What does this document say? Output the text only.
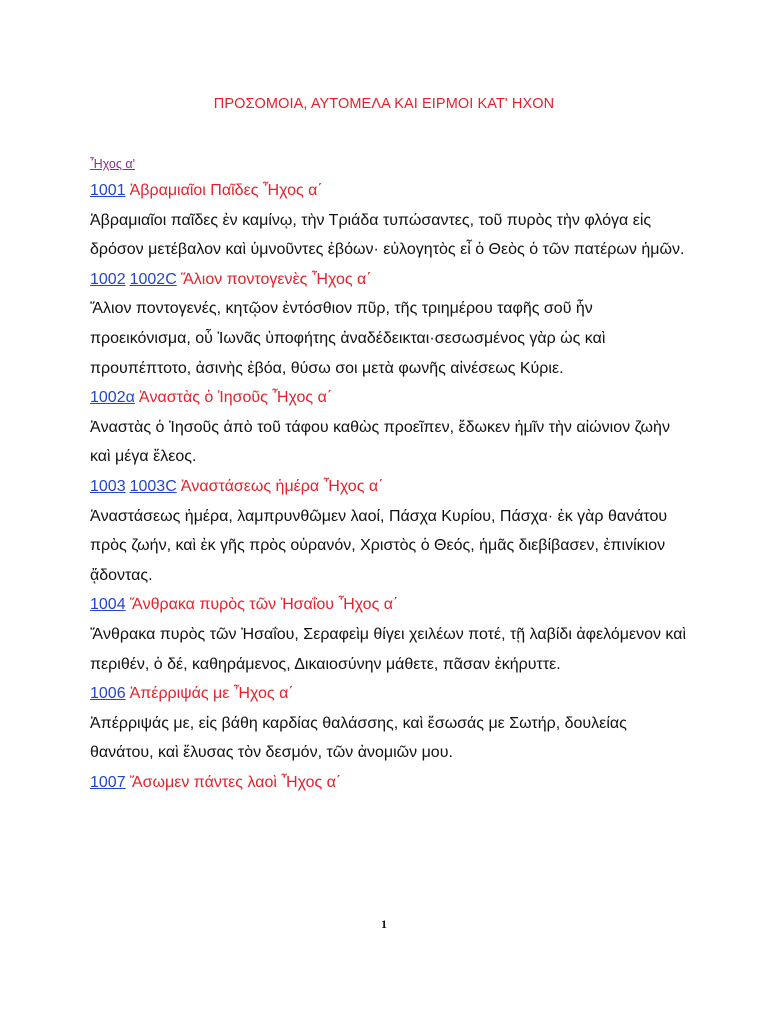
ΠΡΟΣΟΜΟΙΑ, ΑΥΤΟΜΕΛΑ ΚΑΙ ΕΙΡΜΟΙ ΚΑΤ' ΗΧΟΝ
Ἦχος α'
1001 Ἀβραμιαῖοι Παῖδες Ἦχος α΄
Ἀβραμιαῖοι παῖδες ἐν καμίνῳ, τὴν Τριάδα τυπώσαντες, τοῦ πυρὸς τὴν φλόγα εἰς δρόσον μετέβαλον καὶ ὑμνοῦντες ἐβόων· εὐλογητὸς εἶ ὁ Θεὸς ὁ τῶν πατέρων ἡμῶν.
1002 1002C Ἅλιον ποντογενὲς Ἦχος α΄
Ἅλιον ποντογενές, κητῷον ἐντόσθιον πῦρ, τῆς τριημέρου ταφῆς σοῦ ἦν προεικόνισμα, οὗ Ἰωνᾶς ὑποφήτης ἀναδέδεικται·σεσωσμένος γὰρ ὡς καὶ προυπέπτοτο, ἀσινὴς ἐβόα, θύσω σοι μετὰ φωνῆς αἰνέσεως Κύριε.
1002α Ἀναστὰς ὁ Ἰησοῦς Ἦχος α΄
Ἀναστὰς ὁ Ἰησοῦς ἀπὸ τοῦ τάφου καθὼς προεῖπεν, ἔδωκεν ἡμῖν τὴν αἰώνιον ζωὴν καὶ μέγα ἔλεος.
1003 1003C Ἀναστάσεως ἡμέρα Ἦχος α΄
Ἀναστάσεως ἡμέρα, λαμπρυνθῶμεν λαοί, Πάσχα Κυρίου, Πάσχα· ἐκ γὰρ θανάτου πρὸς ζωήν, καὶ ἐκ γῆς πρὸς οὐρανόν, Χριστὸς ὁ Θεός, ἡμᾶς διεβίβασεν, ἐπινίκιον ᾄδοντας.
1004 Ἄνθρακα πυρὸς τῶν Ἠσαΐου Ἦχος α΄
Ἄνθρακα πυρὸς τῶν Ἠσαΐου, Σεραφεὶμ θίγει χειλέων ποτέ, τῇ λαβίδι ἀφελόμενον καὶ περιθέν, ὁ δέ, καθηράμενος, Δικαιοσύνην μάθετε, πᾶσαν ἐκήρυττε.
1006 Ἀπέρριψάς με Ἦχος α΄
Ἀπέρριψάς με, εἰς βάθη καρδίας θαλάσσης, καὶ ἔσωσάς με Σωτήρ, δουλείας θανάτου, καὶ ἔλυσας τὸν δεσμόν, τῶν ἀνομιῶν μου.
1007 Ἄσωμεν πάντες λαοὶ Ἦχος α΄
1
